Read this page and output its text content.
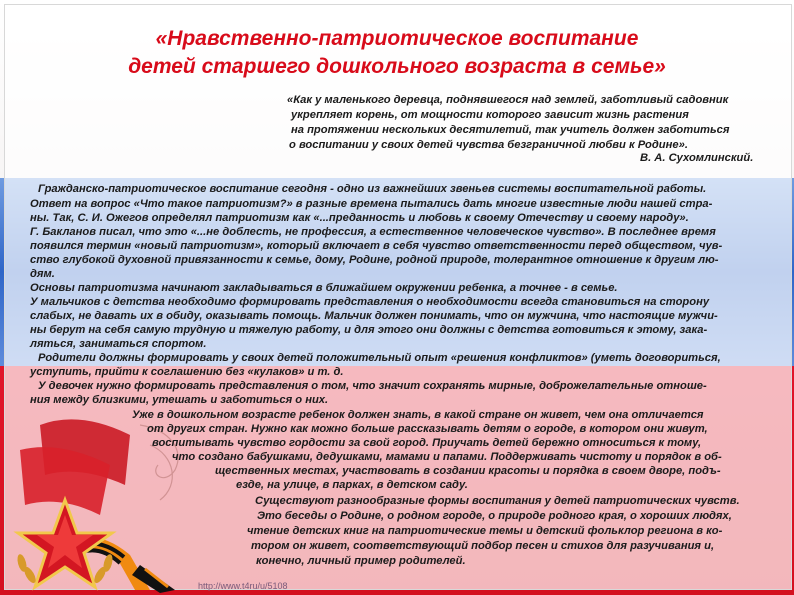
«Нравственно-патриотическое воспитание
детей старшего дошкольного возраста в семье»
«Как у маленького деревца, поднявшегося над землей, заботливый садовник
укрепляет корень, от мощности которого зависит жизнь растения
на протяжении нескольких десятилетий, так учитель должен заботиться
о воспитании у своих детей чувства безграничной любви к Родине».
В. А. Сухомлинский.
Гражданско-патриотическое воспитание сегодня - одно из важнейших звеньев системы воспитательной работы.
Ответ на вопрос «Что такое патриотизм?» в разные времена пытались дать многие известные люди нашей стра-
ны. Так, С. И. Ожегов определял патриотизм как «...преданность и любовь к своему Отечеству и своему народу».
Г. Бакланов писал, что это «...не доблесть, не профессия, а естественное человеческое чувство». В последнее время
появился термин «новый патриотизм», который включает в себя чувство ответственности перед обществом, чув-
ство глубокой духовной привязанности к семье, дому, Родине, родной природе, толерантное отношение к другим лю-
дям.
Основы патриотизма начинают закладываться в ближайшем окружении ребенка, а точнее - в семье.
У мальчиков с детства необходимо формировать представления о необходимости всегда становиться на сторону
слабых, не давать их в обиду, оказывать помощь. Мальчик должен понимать, что он мужчина, что настоящие мужчи-
ны берут на себя самую трудную и тяжелую работу, и для этого они должны с детства готовиться к этому, зака-
ляться, заниматься спортом.
Родители должны формировать у своих детей положительный опыт «решения конфликтов» (уметь договориться,
уступить, прийти к соглашению без «кулаков» и т. д.
У девочек нужно формировать представления о том, что значит сохранять мирные, доброжелательные отноше-
ния между близкими, утешать и заботиться о них.
Уже в дошкольном возрасте ребенок должен знать, в какой стране он живет, чем она отличается
от других стран. Нужно как можно больше рассказывать детям о городе, в котором они живут,
воспитывать чувство гордости за свой город. Приучать детей бережно относиться к тому,
что создано бабушками, дедушками, мамами и папами. Поддерживать чистоту и порядок в об-
щественных местах, участвовать в создании красоты и порядка в своем дворе, подъ-
езде, на улице, в парках, в детском саду.
Существуют разнообразные формы воспитания у детей патриотических чувств.
Это беседы о Родине, о родном городе, о природе родного края, о хороших людях,
чтение детских книг на патриотические темы и детский фольклор региона в ко-
тором он живет, соответствующий подбор песен и стихов для разучивания и,
конечно, личный пример родителей.
http://www.t4ru/u/5108
